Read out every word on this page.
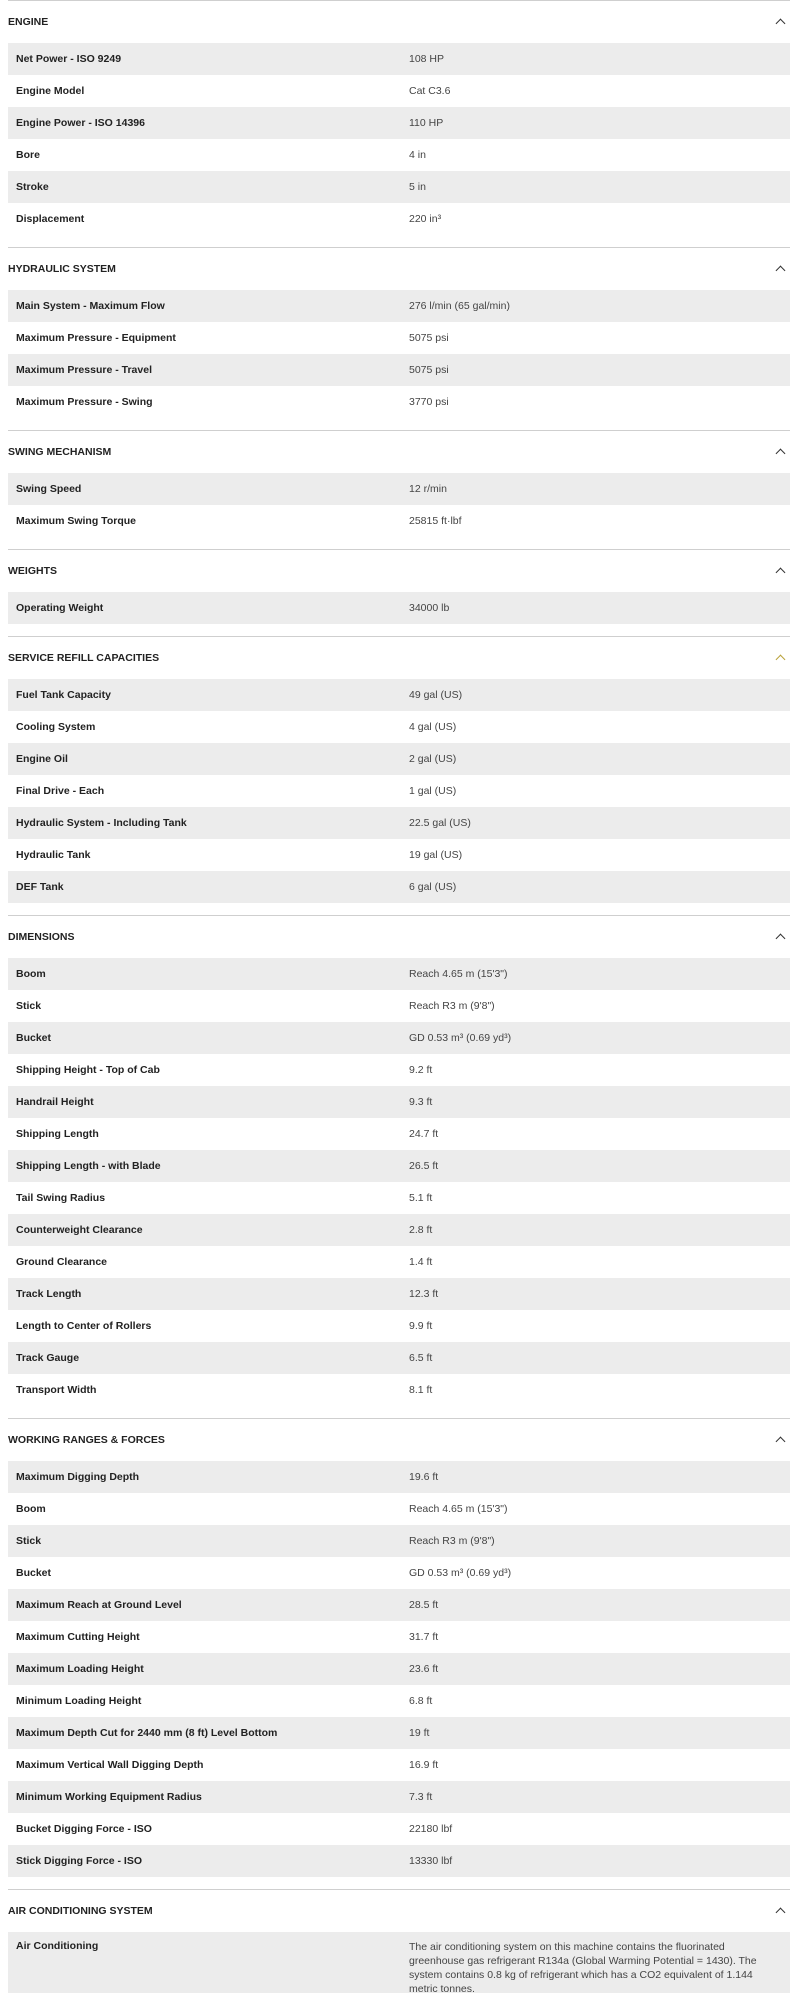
ENGINE
Net Power - ISO 9249	108 HP
Engine Model	Cat C3.6
Engine Power - ISO 14396	110 HP
Bore	4 in
Stroke	5 in
Displacement	220 in³
HYDRAULIC SYSTEM
Main System - Maximum Flow	276 l/min (65 gal/min)
Maximum Pressure - Equipment	5075 psi
Maximum Pressure - Travel	5075 psi
Maximum Pressure - Swing	3770 psi
SWING MECHANISM
Swing Speed	12 r/min
Maximum Swing Torque	25815 ft·lbf
WEIGHTS
Operating Weight	34000 lb
SERVICE REFILL CAPACITIES
Fuel Tank Capacity	49 gal (US)
Cooling System	4 gal (US)
Engine Oil	2 gal (US)
Final Drive - Each	1 gal (US)
Hydraulic System - Including Tank	22.5 gal (US)
Hydraulic Tank	19 gal (US)
DEF Tank	6 gal (US)
DIMENSIONS
Boom	Reach 4.65 m (15'3")
Stick	Reach R3 m (9'8")
Bucket	GD 0.53 m³ (0.69 yd³)
Shipping Height - Top of Cab	9.2 ft
Handrail Height	9.3 ft
Shipping Length	24.7 ft
Shipping Length - with Blade	26.5 ft
Tail Swing Radius	5.1 ft
Counterweight Clearance	2.8 ft
Ground Clearance	1.4 ft
Track Length	12.3 ft
Length to Center of Rollers	9.9 ft
Track Gauge	6.5 ft
Transport Width	8.1 ft
WORKING RANGES & FORCES
Maximum Digging Depth	19.6 ft
Boom	Reach 4.65 m (15'3")
Stick	Reach R3 m (9'8")
Bucket	GD 0.53 m³ (0.69 yd³)
Maximum Reach at Ground Level	28.5 ft
Maximum Cutting Height	31.7 ft
Maximum Loading Height	23.6 ft
Minimum Loading Height	6.8 ft
Maximum Depth Cut for 2440 mm (8 ft) Level Bottom	19 ft
Maximum Vertical Wall Digging Depth	16.9 ft
Minimum Working Equipment Radius	7.3 ft
Bucket Digging Force - ISO	22180 lbf
Stick Digging Force - ISO	13330 lbf
AIR CONDITIONING SYSTEM
Air Conditioning	The air conditioning system on this machine contains the fluorinated greenhouse gas refrigerant R134a (Global Warming Potential = 1430). The system contains 0.8 kg of refrigerant which has a CO2 equivalent of 1.144 metric tonnes.
